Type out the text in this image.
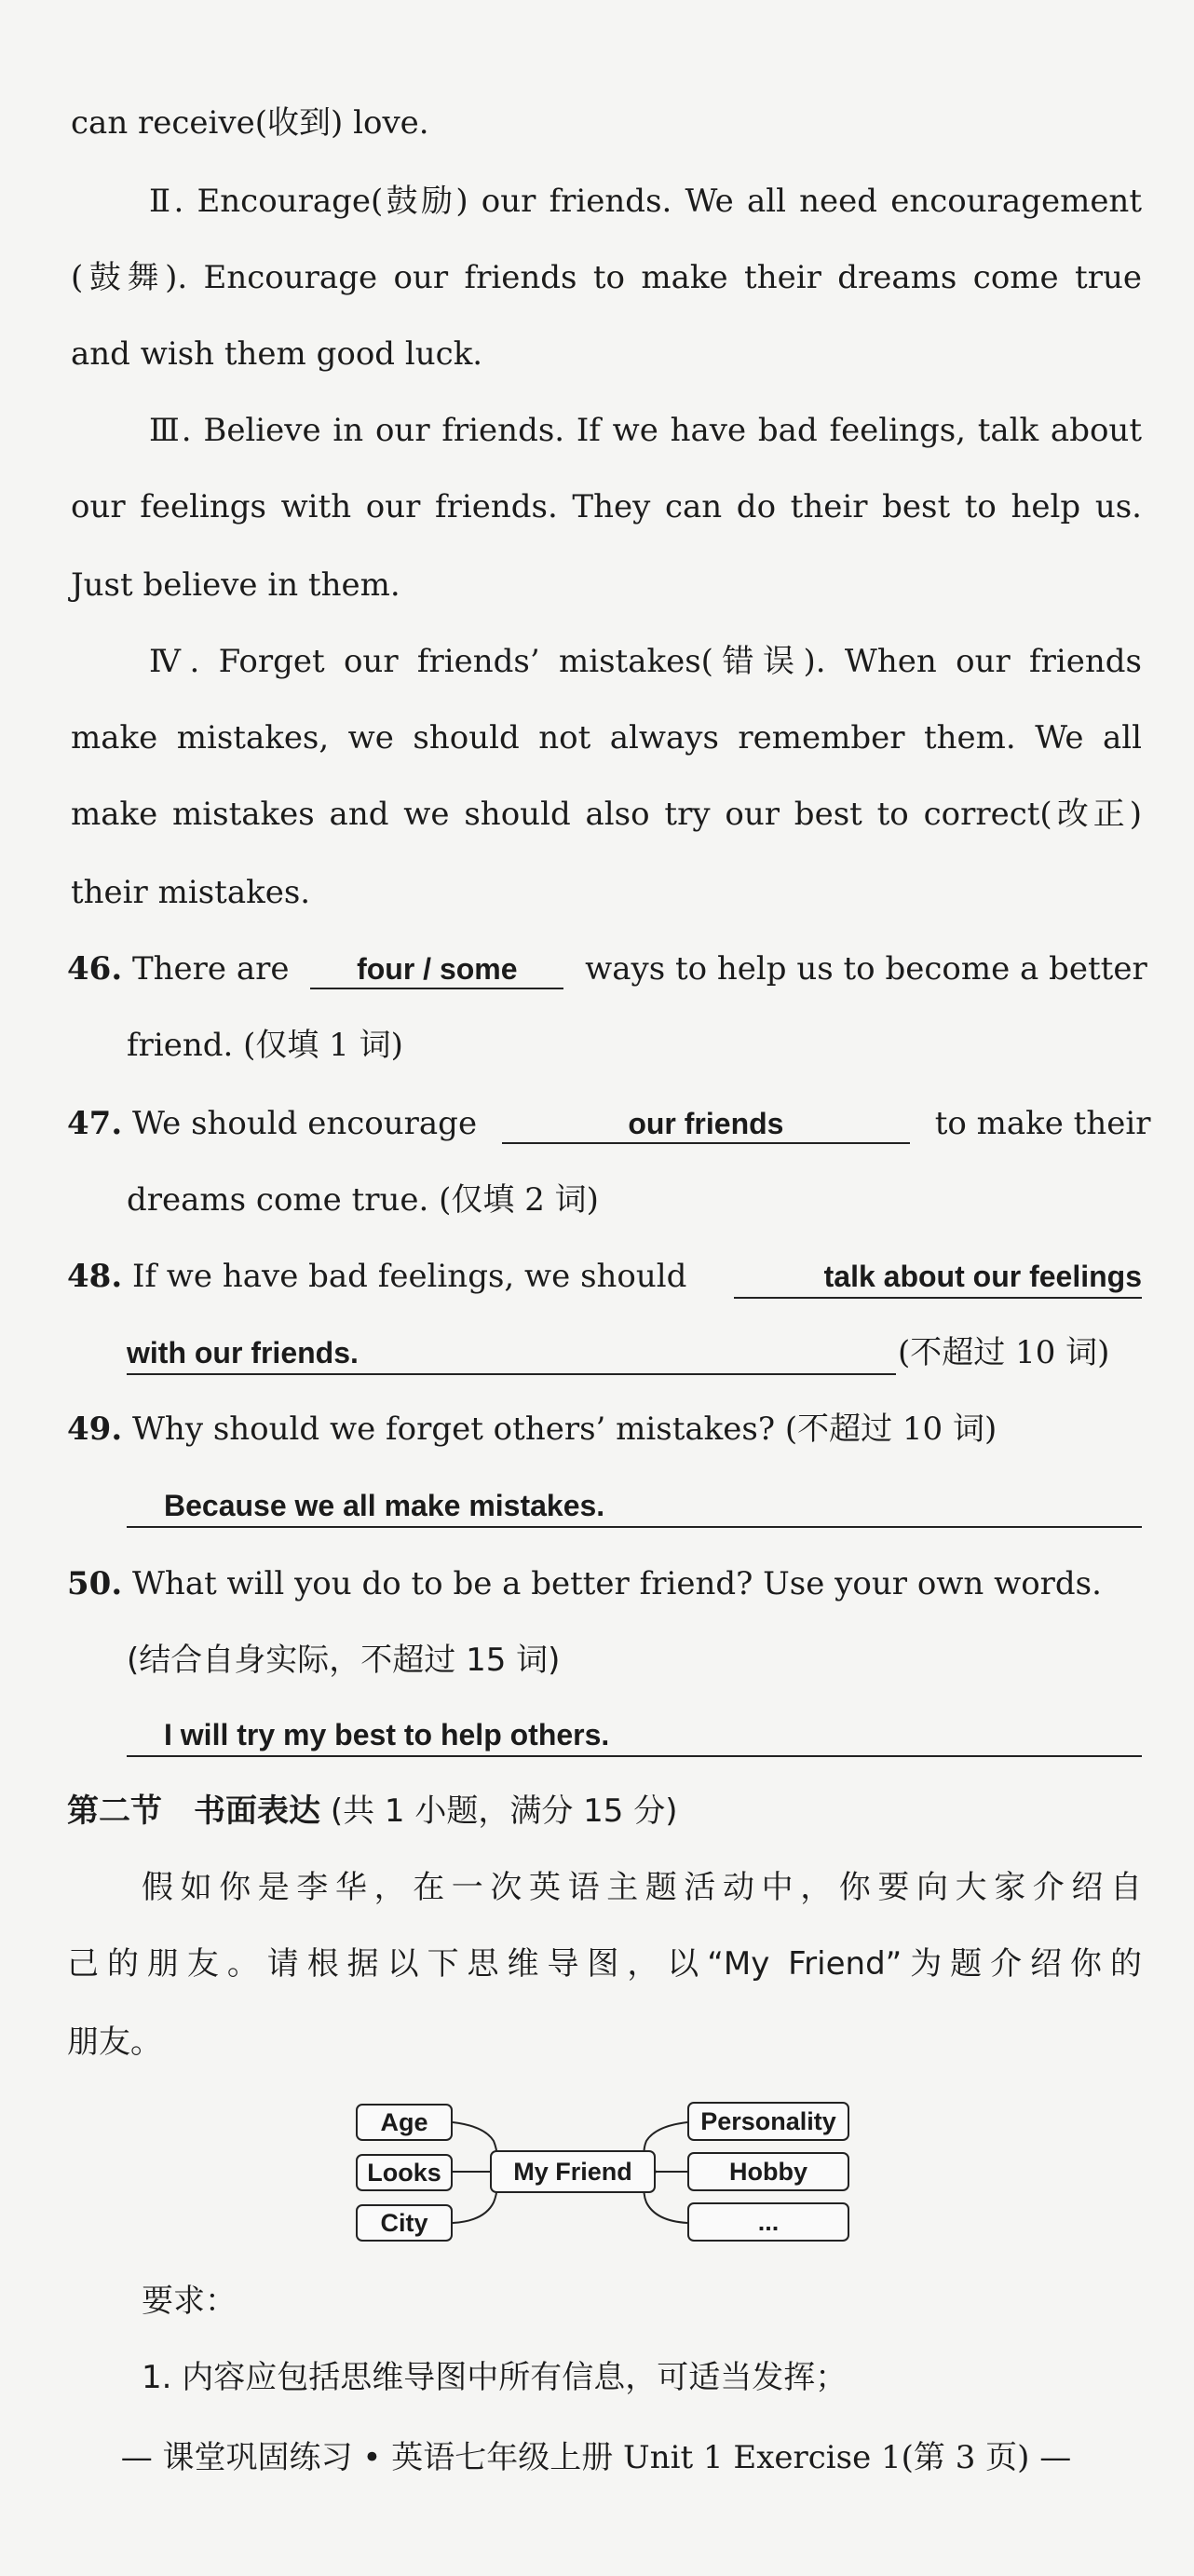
can receive(收到) love.
Ⅱ. Encourage(鼓励) our friends. We all need encouragement
(鼓舞). Encourage our friends to make their dreams come true
and wish them good luck.
Ⅲ. Believe in our friends. If we have bad feelings, talk about
our feelings with our friends. They can do their best to help us.
Just believe in them.
Ⅳ. Forget our friends’ mistakes(错误). When our friends
make mistakes, we should not always remember them. We all
make mistakes and we should also try our best to correct(改正)
their mistakes.
46. There are four / some ways to help us to become a better
friend. (仅填 1 词)
47. We should encourage	our friends	to make their
dreams come true. (仅填 2 词)
48. If we have bad feelings, we should	talk about our feelings
with our friends.	(不超过 10 词)
49. Why should we forget others’ mistakes? (不超过 10 词)
Because we all make mistakes.
50. What will you do to be a better friend? Use your own words.
(结合自身实际，不超过 15 词)
I will try my best to help others.
第二节　书面表达 (共 1 小题，满分 15 分)
假如你是李华，在一次英语主题活动中，你要向大家介绍自
己的朋友。请根据以下思维导图，以“My Friend”为题介绍你的
朋友。
Age
Looks
City
My Friend
Personality
Hobby
...
要求：
1. 内容应包括思维导图中所有信息，可适当发挥；
— 课堂巩固练习 • 英语七年级上册 Unit 1 Exercise 1(第 3 页) —
